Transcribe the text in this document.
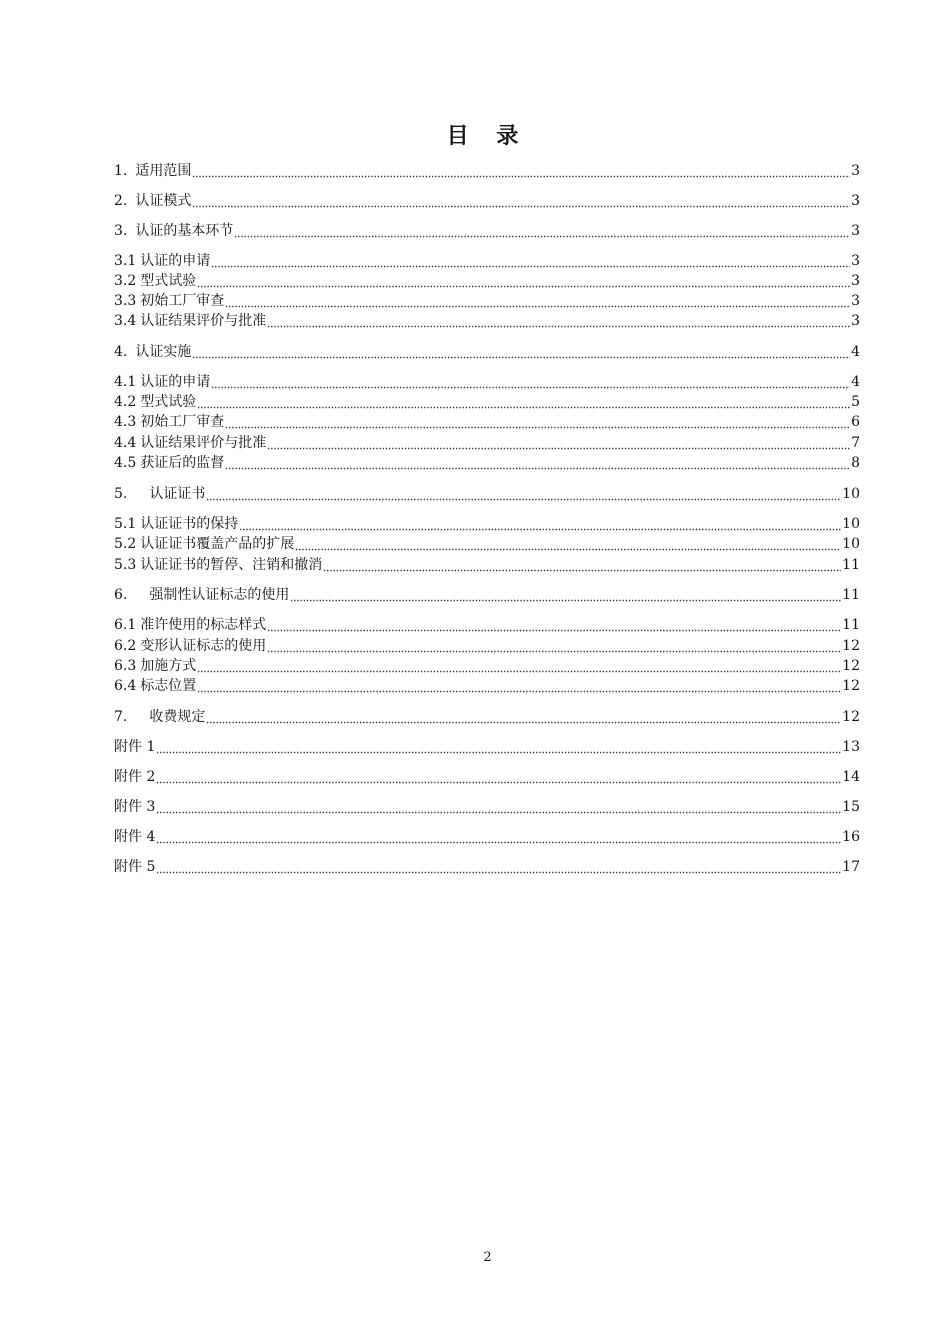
目 录
1. 适用范围	3
2. 认证模式	3
3. 认证的基本环节	3
3.1 认证的申请	3
3.2 型式试验	3
3.3 初始工厂审查	3
3.4 认证结果评价与批准	3
4. 认证实施	4
4.1 认证的申请	4
4.2 型式试验	5
4.3 初始工厂审查	6
4.4 认证结果评价与批准	7
4.5 获证后的监督	8
5. 认证证书	10
5.1 认证证书的保持	10
5.2 认证证书覆盖产品的扩展	10
5.3 认证证书的暂停、注销和撤消	11
6. 强制性认证标志的使用	11
6.1 准许使用的标志样式	11
6.2 变形认证标志的使用	12
6.3 加施方式	12
6.4 标志位置	12
7. 收费规定	12
附件 1	13
附件 2	14
附件 3	15
附件 4	16
附件 5	17
2
